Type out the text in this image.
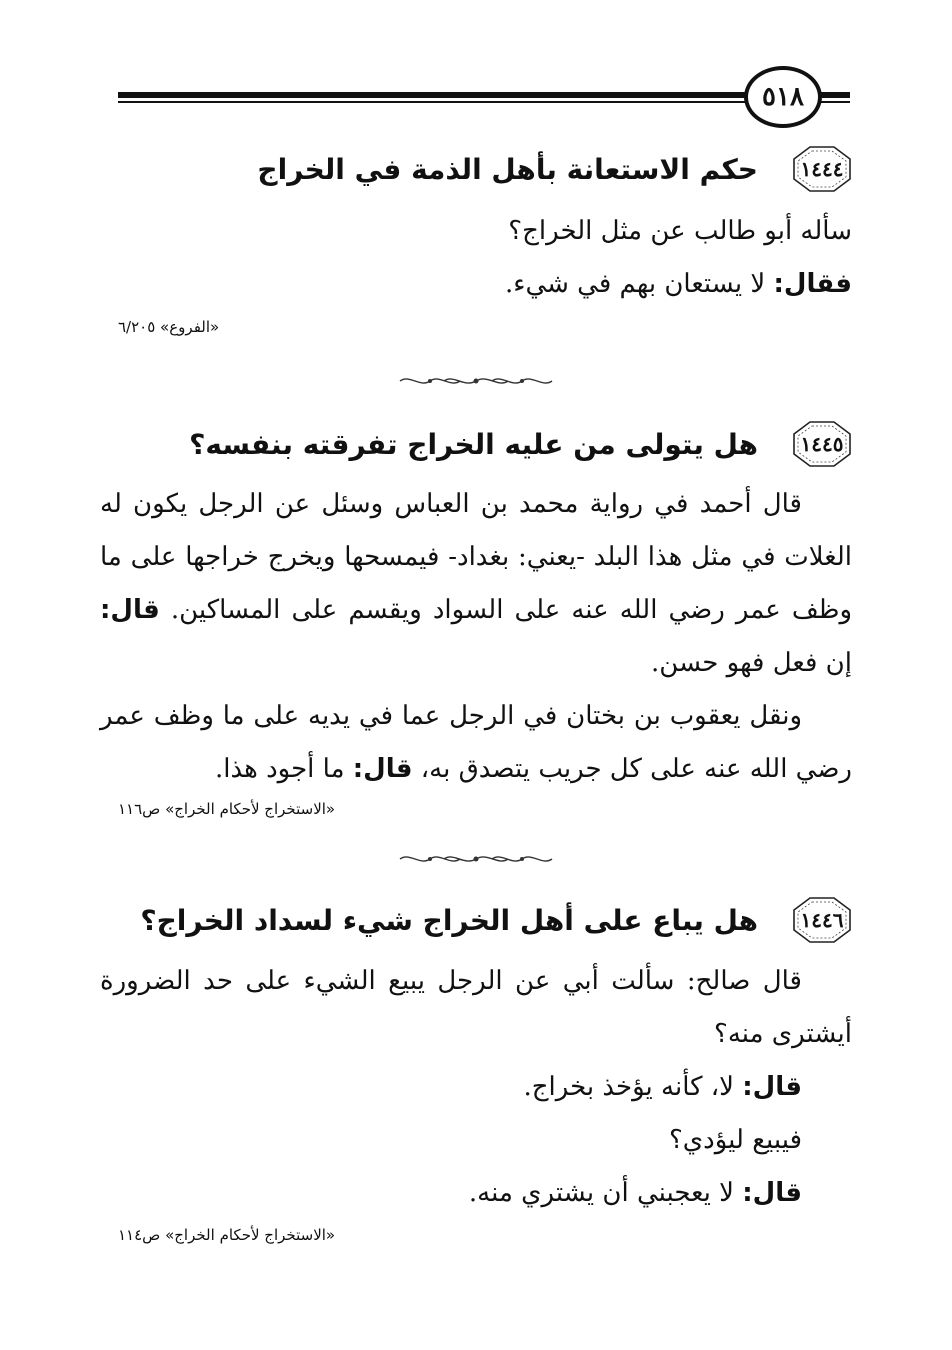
٥١٨
١٤٤٤
حكم الاستعانة بأهل الذمة في الخراج

سأله أبو طالب عن مثل الخراج؟

فقال: لا يستعان بهم في شيء.

«الفروع» ٦/٢٠٥
١٤٤٥
هل يتولى من عليه الخراج تفرقته بنفسه؟

قال أحمد في رواية محمد بن العباس وسئل عن الرجل يكون له الغلات في مثل هذا البلد -يعني: بغداد- فيمسحها ويخرج خراجها على ما وظف عمر رضي الله عنه على السواد ويقسم على المساكين. قال: إن فعل فهو حسن.

ونقل يعقوب بن بختان في الرجل عما في يديه على ما وظف عمر رضي الله عنه على كل جريب يتصدق به، قال: ما أجود هذا.

«الاستخراج لأحكام الخراج» ص١١٦
١٤٤٦
هل يباع على أهل الخراج شيء لسداد الخراج؟

قال صالح: سألت أبي عن الرجل يبيع الشيء على حد الضرورة أيشترى منه؟

قال: لا، كأنه يؤخذ بخراج.

فيبيع ليؤدي؟

قال: لا يعجبني أن يشتري منه.

«الاستخراج لأحكام الخراج» ص١١٤
